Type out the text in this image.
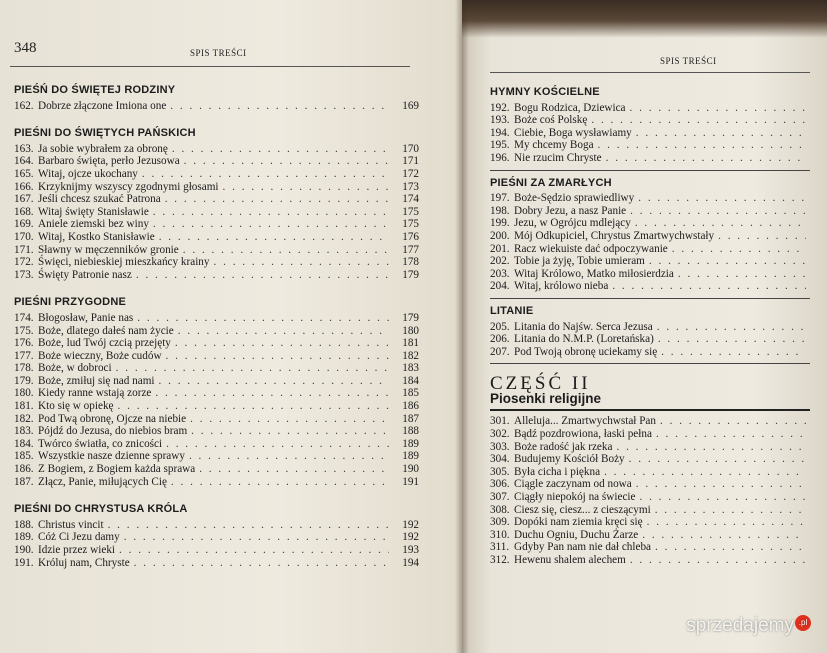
348	SPIS TREŚCI
PIEŚŃ DO ŚWIĘTEJ RODZINY
162. Dobrze złączone Imiona one . . .	169
PIEŚNI DO ŚWIĘTYCH PAŃSKICH
163. Ja sobie wybrałem za obronę . . .	170
164. Barbaro święta, perło Jezusowa . . .	171
165. Witaj, ojcze ukochany . . .	172
166. Krzyknijmy wszyscy zgodnymi głosami . . .	173
167. Jeśli chcesz szukać Patrona . . .	174
168. Witaj święty Stanisławie . . .	175
169. Aniele ziemski bez winy . . .	175
170. Witaj, Kostko Stanisławie . . .	176
171. Sławny w męczenników gronie . . .	177
172. Święci, niebieskiej mieszkańcy krainy . . .	178
173. Święty Patronie nasz . . .	179
PIEŚNI PRZYGODNE
174. Błogosław, Panie nas . . .	179
175. Boże, dlatego dałeś nam życie . . .	180
176. Boże, lud Twój czcią przejęty . . .	181
177. Boże wieczny, Boże cudów . . .	182
178. Boże, w dobroci . . .	183
179. Boże, zmiłuj się nad nami . . .	184
180. Kiedy ranne wstają zorze . . .	185
181. Kto się w opiekę . . .	186
182. Pod Twą obronę, Ojcze na niebie . . .	187
183. Pójdź do Jezusa, do niebios bram . . .	188
184. Twórco światła, co znicości . . .	189
185. Wszystkie nasze dzienne sprawy . . .	189
186. Z Bogiem, z Bogiem każda sprawa . . .	190
187. Złącz, Panie, miłujących Cię . . .	191
PIEŚNI DO CHRYSTUSA KRÓLA
188. Christus vincit . . .	192
189. Cóż Ci Jezu damy . . .	192
190. Idzie przez wieki . . .	193
191. Króluj nam, Chryste . . .	194
SPIS TREŚCI
HYMNY KOŚCIELNE
192. Bogu Rodzica, Dziewica
. . .
193. Boże coś Polskę
. . .
194. Ciebie, Boga wysławiamy
. . .
195. My chcemy Boga
. . .
196. Nie rzucim Chryste
. . .
PIEŚNI ZA ZMARŁYCH
197. Boże-Sędzio sprawiedliwy
. . .
198. Dobry Jezu, a nasz Panie
. . .
199. Jezu, w Ogrójcu mdlejący
. . .
200. Mój Odkupiciel, Chrystus Zmartwychwstały
. . .
201. Racz wiekuiste dać odpoczywanie
. . .
202. Tobie ja żyję, Tobie umieram
. . .
203. Witaj Królowo, Matko miłosierdzia
. . .
204. Witaj, królowo nieba
. . .
LITANIE
205. Litania do Najśw. Serca Jezusa
. . .
206. Litania do N.M.P. (Loretańska)
. . .
207. Pod Twoją obronę uciekamy się
. . .
CZĘŚĆ II
Piosenki religijne
301. Alleluja... Zmartwychwstał Pan
. . .
302. Bądź pozdrowiona, łaski pełna
. . .
303. Boże radość jak rzeka
. . .
304. Budujemy Kościół Boży
. . .
305. Była cicha i piękna
. . .
306. Ciągle zaczynam od nowa
. . .
307. Ciągły niepokój na świecie
. . .
308. Ciesz się, ciesz... z cieszącymi
. . .
309. Dopóki nam ziemia kręci się
. . .
310. Duchu Ogniu, Duchu Żarze
. . .
311. Gdyby Pan nam nie dał chleba
. . .
312. Hewenu shalem alechem
. . .
sprzedajemy .pl
